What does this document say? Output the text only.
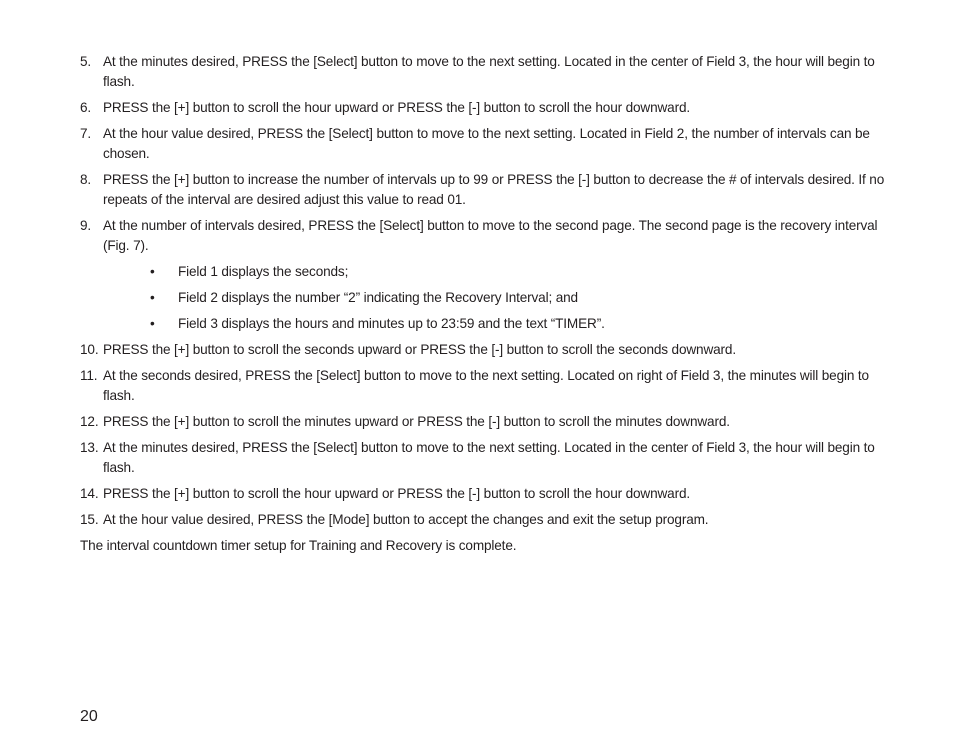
5. At the minutes desired, PRESS the [Select] button to move to the next setting. Located in the center of Field 3, the hour will begin to flash.
6. PRESS the [+] button to scroll the hour upward or PRESS the [-] button to scroll the hour downward.
7. At the hour value desired, PRESS the [Select] button to move to the next setting. Located in Field 2, the number of intervals can be chosen.
8. PRESS the [+] button to increase the number of intervals up to 99 or PRESS the [-] button to decrease the # of intervals desired. If no repeats of the interval are desired adjust this value to read 01.
9. At the number of intervals desired, PRESS the [Select] button to move to the second page. The second page is the recovery interval (Fig. 7).
•	Field 1 displays the seconds;
•	Field 2 displays the number “2” indicating the Recovery Interval; and
•	Field 3 displays the hours and minutes up to 23:59 and the text “TIMER”.
10. PRESS the [+] button to scroll the seconds upward or PRESS the [-] button to scroll the seconds downward.
11. At the seconds desired, PRESS the [Select] button to move to the next setting. Located on right of Field 3, the minutes will begin to flash.
12. PRESS the [+] button to scroll the minutes upward or PRESS the [-] button to scroll the minutes downward.
13. At the minutes desired, PRESS the [Select] button to move to the next setting. Located in the center of Field 3, the hour will begin to flash.
14. PRESS the [+] button to scroll the hour upward or PRESS the [-] button to scroll the hour downward.
15. At the hour value desired, PRESS the [Mode] button to accept the changes and exit the setup program.

The interval countdown timer setup for Training and Recovery is complete.

20
